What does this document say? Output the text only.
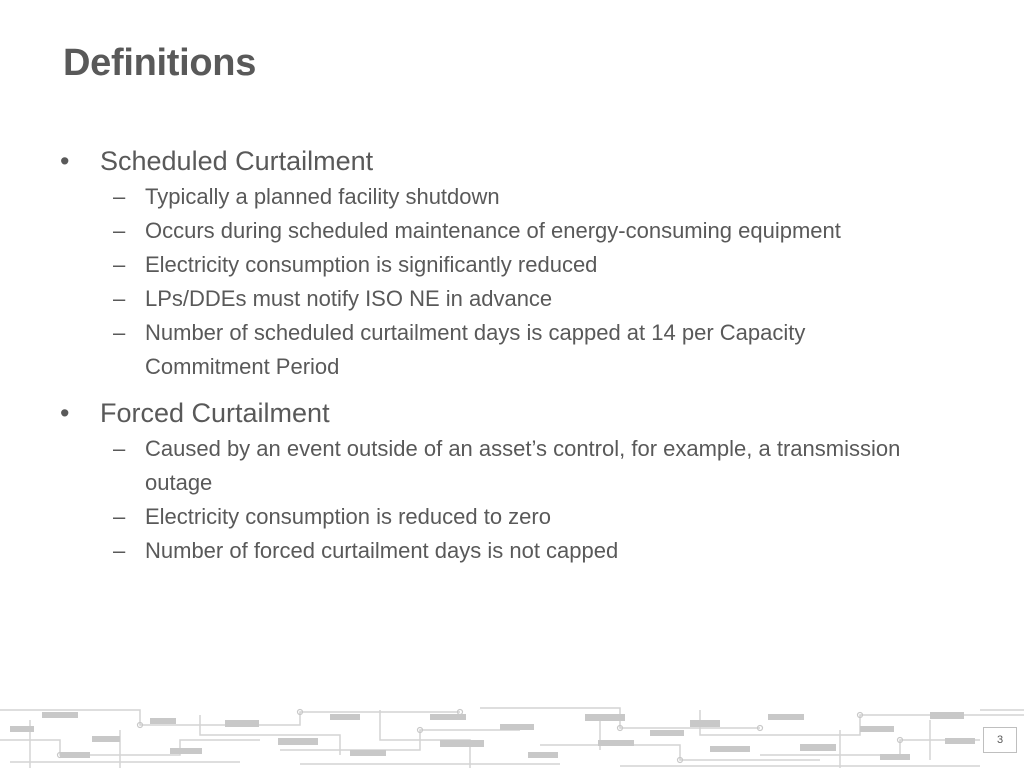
Definitions
• Scheduled Curtailment
– Typically a planned facility shutdown
– Occurs during scheduled maintenance of energy-consuming equipment
– Electricity consumption is significantly reduced
– LPs/DDEs must notify ISO NE in advance
– Number of scheduled curtailment days is capped at 14 per Capacity Commitment Period
• Forced Curtailment
– Caused by an event outside of an asset’s control, for example, a transmission outage
– Electricity consumption is reduced to zero
– Number of forced curtailment days is not capped
3
